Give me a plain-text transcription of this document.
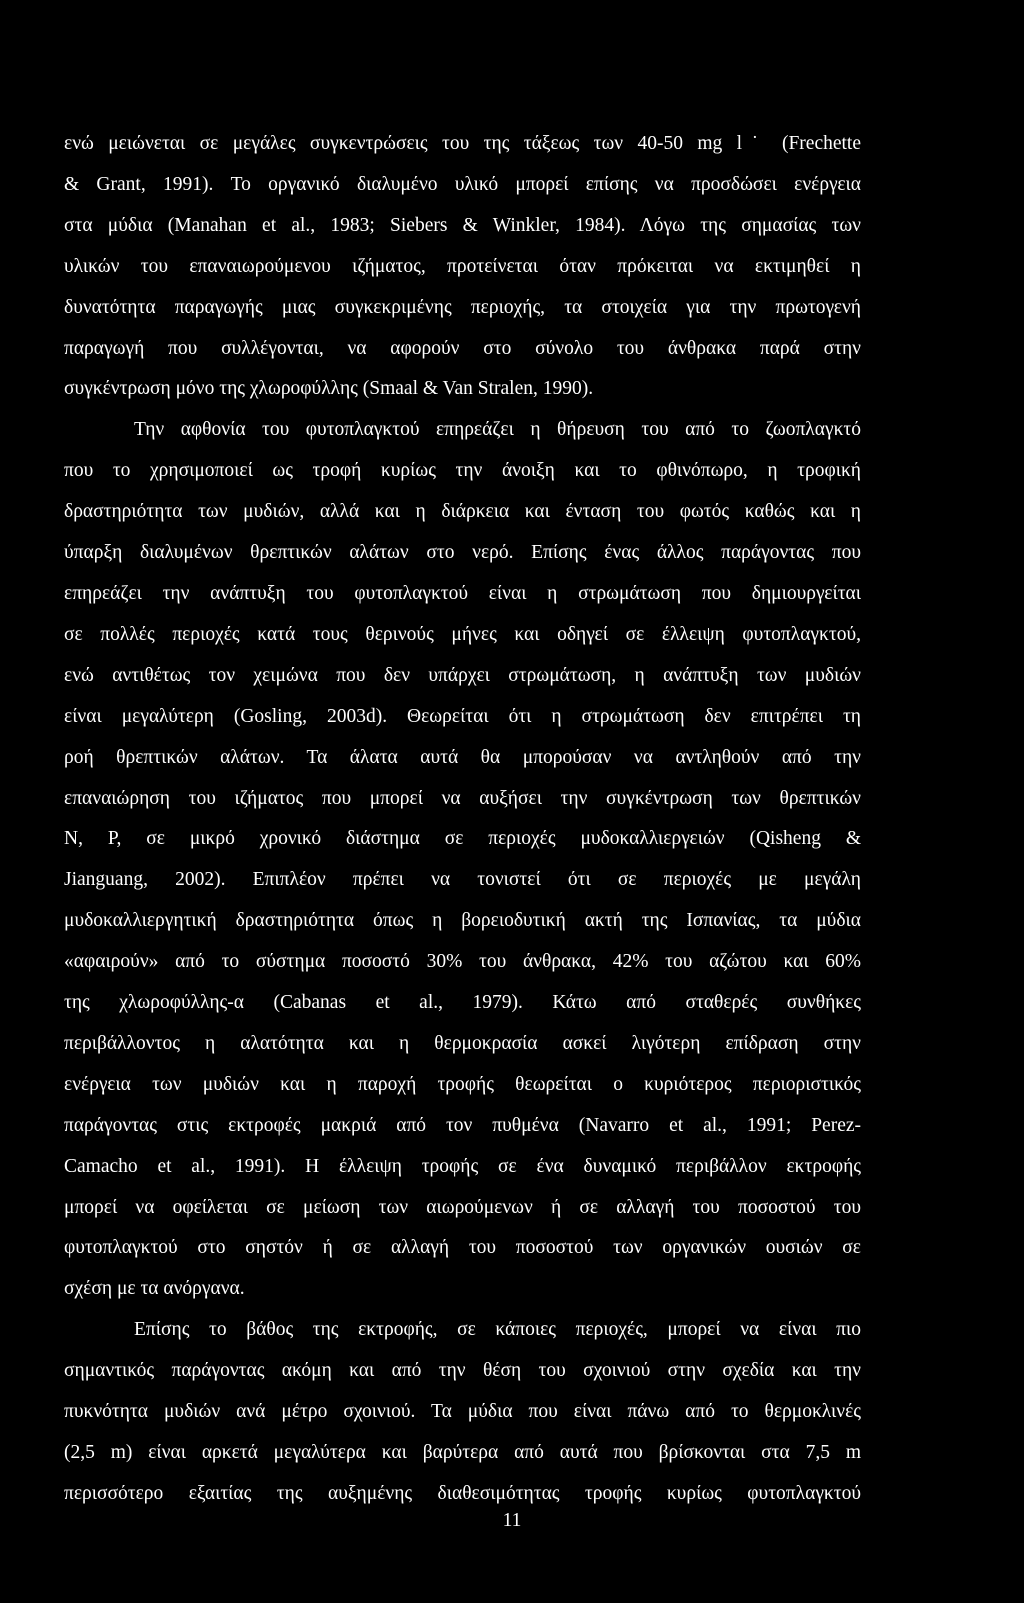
ενώ μειώνεται σε μεγάλες συγκεντρώσεις του της τάξεως των 40-50 mg l˙ (Frechette
& Grant, 1991). Το οργανικό διαλυμένο υλικό μπορεί επίσης να προσδώσει ενέργεια
στα μύδια (Manahan et al., 1983; Siebers & Winkler, 1984). Λόγω της σημασίας των
υλικών του επαναιωρούμενου ιζήματος, προτείνεται όταν πρόκειται να εκτιμηθεί η
δυνατότητα παραγωγής μιας συγκεκριμένης περιοχής, τα στοιχεία για την πρωτογενή
παραγωγή που συλλέγονται, να αφορούν στο σύνολο του άνθρακα παρά στην
συγκέντρωση μόνο της χλωροφύλλης (Smaal & Van Stralen, 1990).

Την αφθονία του φυτοπλαγκτού επηρεάζει η θήρευση του από το ζωοπλαγκτό
που το χρησιμοποιεί ως τροφή κυρίως την άνοιξη και το φθινόπωρο, η τροφική
δραστηριότητα των μυδιών, αλλά και η διάρκεια και ένταση του φωτός καθώς και η
ύπαρξη διαλυμένων θρεπτικών αλάτων στο νερό. Επίσης ένας άλλος παράγοντας που
επηρεάζει την ανάπτυξη του φυτοπλαγκτού είναι η στρωμάτωση που δημιουργείται
σε πολλές περιοχές κατά τους θερινούς μήνες και οδηγεί σε έλλειψη φυτοπλαγκτού,
ενώ αντιθέτως τον χειμώνα που δεν υπάρχει στρωμάτωση, η ανάπτυξη των μυδιών
είναι μεγαλύτερη (Gosling, 2003d). Θεωρείται ότι η στρωμάτωση δεν επιτρέπει τη
ροή θρεπτικών αλάτων. Τα άλατα αυτά θα μπορούσαν να αντληθούν από την
επαναιώρηση του ιζήματος που μπορεί να αυξήσει την συγκέντρωση των θρεπτικών
N, P, σε μικρό χρονικό διάστημα σε περιοχές μυδοκαλλιεργειών (Qisheng &
Jianguang, 2002). Επιπλέον πρέπει να τονιστεί ότι σε περιοχές με μεγάλη
μυδοκαλλιεργητική δραστηριότητα όπως η βορειοδυτική ακτή της Ισπανίας, τα μύδια
«αφαιρούν» από το σύστημα ποσοστό 30% του άνθρακα, 42% του αζώτου και 60%
της χλωροφύλλης-α (Cabanas et al., 1979). Κάτω από σταθερές συνθήκες
περιβάλλοντος η αλατότητα και η θερμοκρασία ασκεί λιγότερη επίδραση στην
ενέργεια των μυδιών και η παροχή τροφής θεωρείται ο κυριότερος περιοριστικός
παράγοντας στις εκτροφές μακριά από τον πυθμένα (Navarro et al., 1991; Perez-
Camacho et al., 1991). Η έλλειψη τροφής σε ένα δυναμικό περιβάλλον εκτροφής
μπορεί να οφείλεται σε μείωση των αιωρούμενων ή σε αλλαγή του ποσοστού του
φυτοπλαγκτού στο σηστόν ή σε αλλαγή του ποσοστού των οργανικών ουσιών σε
σχέση με τα ανόργανα.

Επίσης το βάθος της εκτροφής, σε κάποιες περιοχές, μπορεί να είναι πιο
σημαντικός παράγοντας ακόμη και από την θέση του σχοινιού στην σχεδία και την
πυκνότητα μυδιών ανά μέτρο σχοινιού. Τα μύδια που είναι πάνω από το θερμοκλινές
(2,5 m) είναι αρκετά μεγαλύτερα και βαρύτερα από αυτά που βρίσκονται στα 7,5 m
περισσότερο εξαιτίας της αυξημένης διαθεσιμότητας τροφής κυρίως φυτοπλαγκτού

11
